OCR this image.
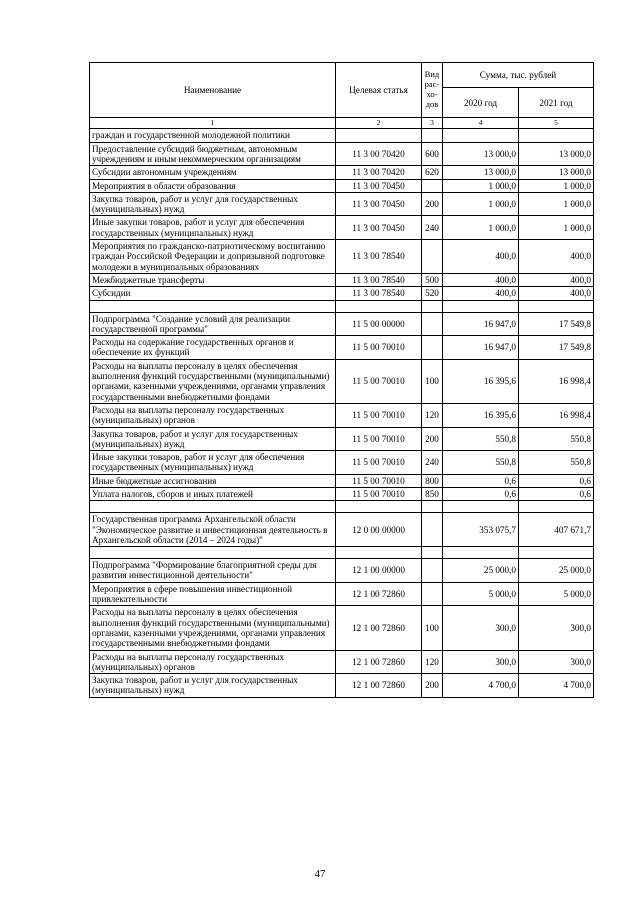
Наименование	Целевая статья	Вид рас-хо-дов	Сумма, тыс. рублей	
			2020 год	2021 год
1	2	3	4	5
граждан и государственной молодежной политики				
Предоставление субсидий бюджетным, автономным учреждениям и иным некоммерческим организациям	11 3 00 70420	600	13 000,0	13 000,0
Субсидии автономным учреждениям	11 3 00 70420	620	13 000,0	13 000,0
Мероприятия в области образования	11 3 00 70450		1 000,0	1 000,0
Закупка товаров, работ и услуг для государственных (муниципальных) нужд	11 3 00 70450	200	1 000,0	1 000,0
Иные закупки товаров, работ и услуг для обеспечения государственных (муниципальных) нужд	11 3 00 70450	240	1 000,0	1 000,0
Мероприятия по гражданско-патриотическому воспитанию граждан Российской Федерации и допризывной подготовке молодежи в муниципальных образованиях	11 3 00 78540		400,0	400,0
Межбюджетные трансферты	11 3 00 78540	500	400,0	400,0
Субсидии	11 3 00 78540	520	400,0	400,0

Подпрограмма "Создание условий для реализации государственной программы"	11 5 00 00000		16 947,0	17 549,8
Расходы на содержание государственных органов и обеспечение их функций	11 5 00 70010		16 947,0	17 549,8
Расходы на выплаты персоналу в целях обеспечения выполнения функций государственными (муниципальными) органами, казенными учреждениями, органами управления государственными внебюджетными фондами	11 5 00 70010	100	16 395,6	16 998,4
Расходы на выплаты персоналу государственных (муниципальных) органов	11 5 00 70010	120	16 395,6	16 998,4
Закупка товаров, работ и услуг для государственных (муниципальных) нужд	11 5 00 70010	200	550,8	550,8
Иные закупки товаров, работ и услуг для обеспечения государственных (муниципальных) нужд	11 5 00 70010	240	550,8	550,8
Иные бюджетные ассигнования	11 5 00 70010	800	0,6	0,6
Уплата налогов, сборов и иных платежей	11 5 00 70010	850	0,6	0,6

Государственная программа Архангельской области "Экономическое развитие и инвестиционная деятельность в Архангельской области (2014 – 2024 годы)"	12 0 00 00000		353 075,7	407 671,7

Подпрограмма "Формирование благоприятной среды для развития инвестиционной деятельности"	12 1 00 00000		25 000,0	25 000,0
Мероприятия в сфере повышения инвестиционной привлекательности	12 1 00 72860		5 000,0	5 000,0
Расходы на выплаты персоналу в целях обеспечения выполнения функций государственными (муниципальными) органами, казенными учреждениями, органами управления государственными внебюджетными фондами	12 1 00 72860	100	300,0	300,0
Расходы на выплаты персоналу государственных (муниципальных) органов	12 1 00 72860	120	300,0	300,0
Закупка товаров, работ и услуг для государственных (муниципальных) нужд	12 1 00 72860	200	4 700,0	4 700,0
47
